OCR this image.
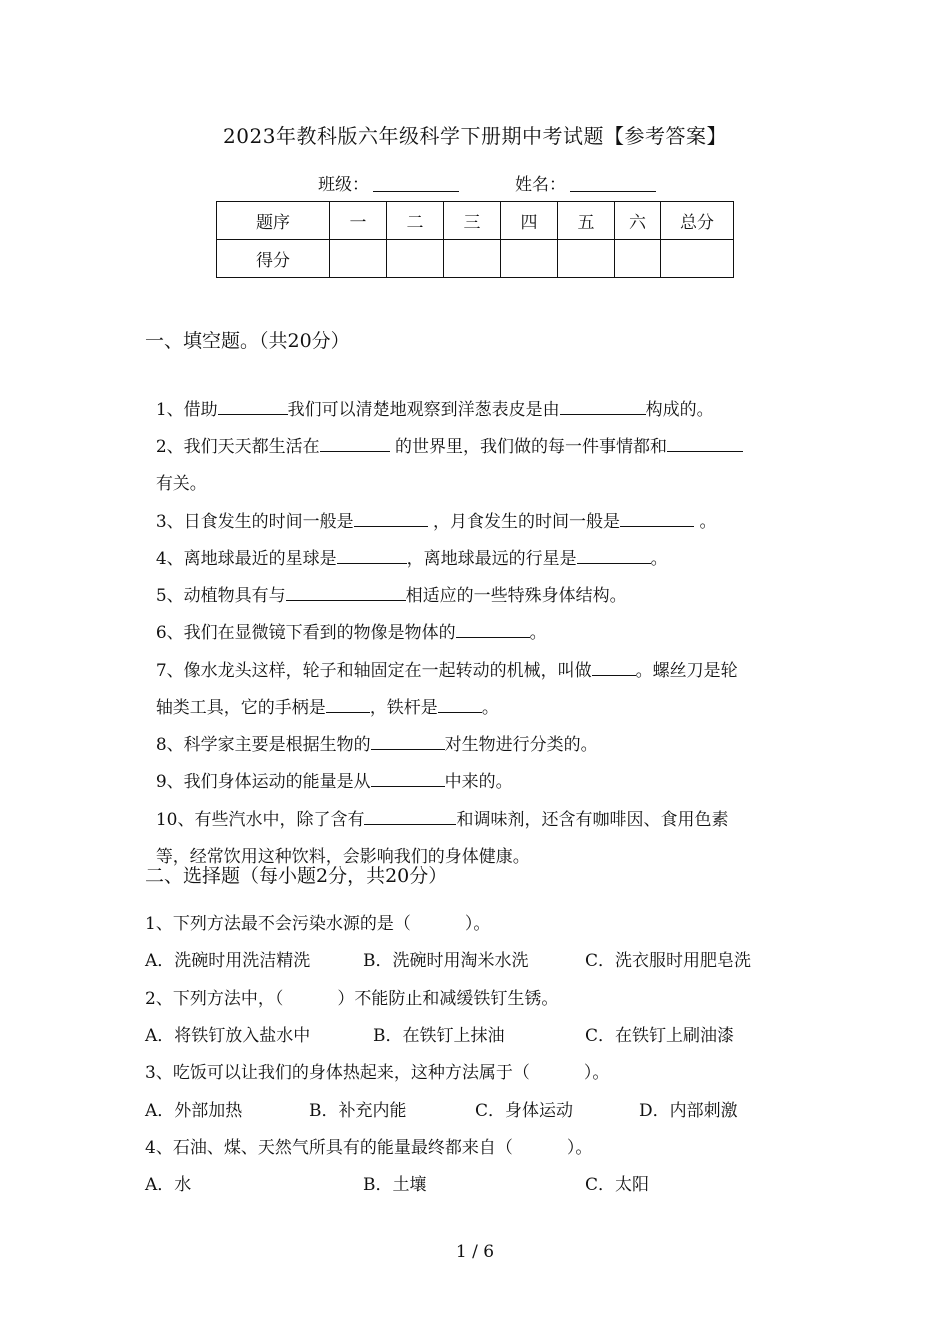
2023年教科版六年级科学下册期中考试题【参考答案】
班级：	姓名：
题序	一	二	三	四	五	六	总分
得分							
一、填空题。（共20分）

1、借助	我们可以清楚地观察到洋葱表皮是由	构成的。

2、我们天天都生活在	的世界里，我们做的每一件事情都和

有关。

3、日食发生的时间一般是	，月食发生的时间一般是	。

4、离地球最近的星球是	，离地球最远的行星是	。

5、动植物具有与	相适应的一些特殊身体结构。

6、我们在显微镜下看到的物像是物体的	。

7、像水龙头这样，轮子和轴固定在一起转动的机械，叫做	。螺丝刀是轮

轴类工具，它的手柄是	，铁杆是	。

8、科学家主要是根据生物的	对生物进行分类的。

9、我们身体运动的能量是从	中来的。

10、有些汽水中，除了含有	和调味剂，还含有咖啡因、食用色素

等，经常饮用这种饮料，会影响我们的身体健康。

二、选择题（每小题2分，共20分）
1、下列方法最不会污染水源的是（          ）。
A．洗碗时用洗洁精洗	B．洗碗时用淘米水洗	C．洗衣服时用肥皂洗
2、下列方法中，（          ）不能防止和减缓铁钉生锈。
A．将铁钉放入盐水中	B．在铁钉上抹油	C．在铁钉上刷油漆
3、吃饭可以让我们的身体热起来，这种方法属于（          ）。
A．外部加热	B．补充内能	C．身体运动	D．内部刺激
4、石油、煤、天然气所具有的能量最终都来自（          ）。
A．水	B．土壤	C．太阳
1 / 6
